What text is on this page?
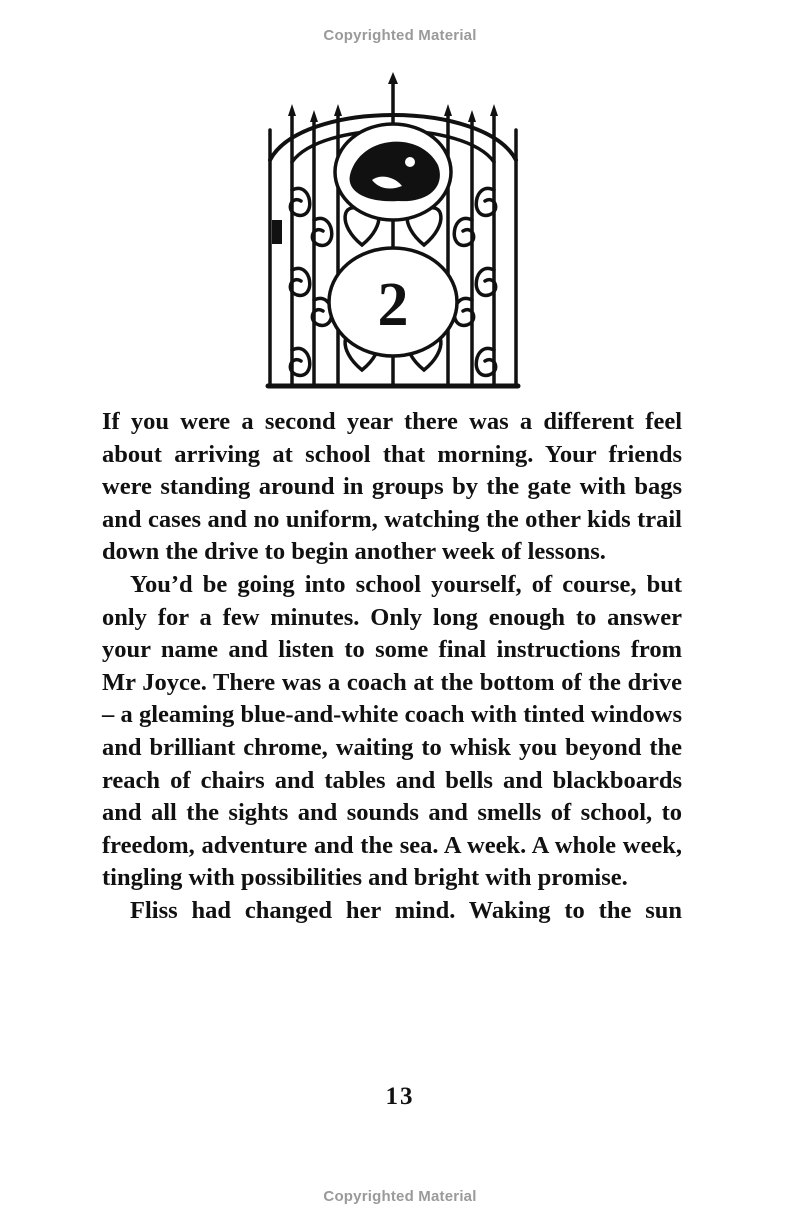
Copyrighted Material
2

If you were a second year there was a different feel about arriving at school that morning. Your friends were standing around in groups by the gate with bags and cases and no uniform, watching the other kids trail down the drive to begin another week of lessons.

You’d be going into school yourself, of course, but only for a few minutes. Only long enough to answer your name and listen to some final instructions from Mr Joyce. There was a coach at the bottom of the drive – a gleaming blue-and-white coach with tinted windows and brilliant chrome, waiting to whisk you beyond the reach of chairs and tables and bells and blackboards and all the sights and sounds and smells of school, to freedom, adventure and the sea. A week. A whole week, tingling with possibilities and bright with promise.

Fliss had changed her mind. Waking to the sun

13
Copyrighted Material
